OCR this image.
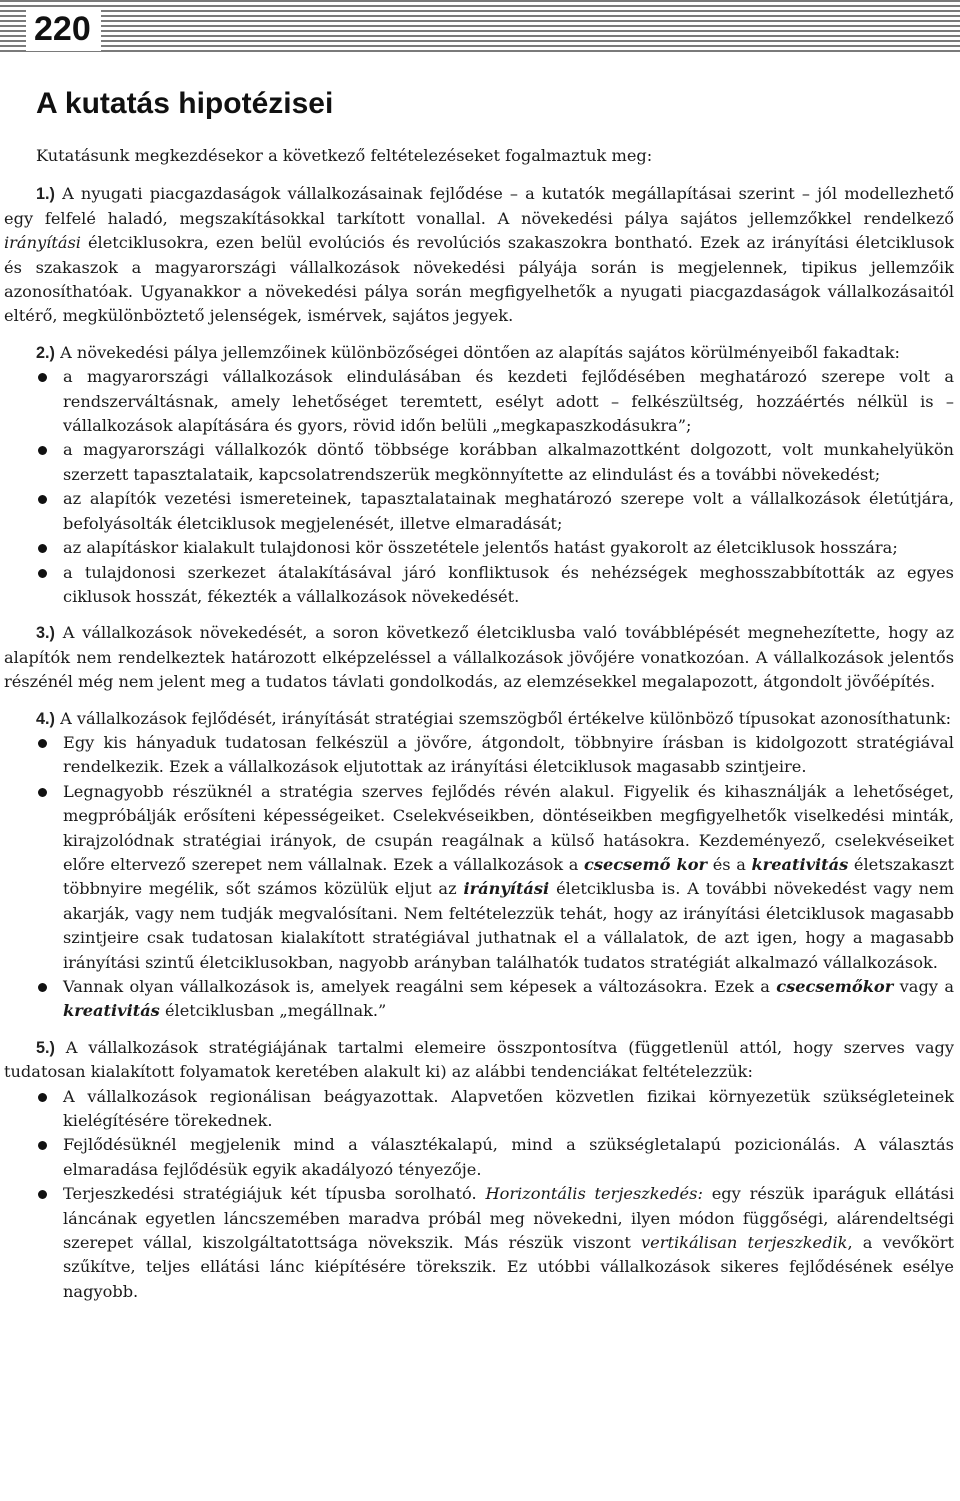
220
A kutatás hipotézisei

Kutatásunk megkezdésekor a következő feltételezéseket fogalmaztuk meg:

1.) A nyugati piacgazdaságok vállalkozásainak fejlődése – a kutatók megállapításai szerint – jól modellezhető egy felfelé haladó, megszakításokkal tarkított vonallal. A növekedési pálya sajátos jellemzőkkel rendelkező irányítási életciklusokra, ezen belül evolúciós és revolúciós szakaszokra bontható. Ezek az irányítási életciklusok és szakaszok a magyarországi vállalkozások növekedési pályája során is megjelennek, tipikus jellemzőik azonosíthatóak. Ugyanakkor a növekedési pálya során megfigyelhetők a nyugati piacgazdaságok vállalkozásaitól eltérő, megkülönböztető jelenségek, ismérvek, sajátos jegyek.

2.) A növekedési pálya jellemzőinek különbözőségei döntően az alapítás sajátos körülményeiből fakadtak:

a magyarországi vállalkozások elindulásában és kezdeti fejlődésében meghatározó szerepe volt a rendszerváltásnak, amely lehetőséget teremtett, esélyt adott – felkészültség, hozzáértés nélkül is – vállalkozások alapítására és gyors, rövid időn belüli „megkapaszkodásukra”;
a magyarországi vállalkozók döntő többsége korábban alkalmazottként dolgozott, volt munkahelyükön szerzett tapasztalataik, kapcsolatrendszerük megkönnyítette az elindulást és a további növekedést;
az alapítók vezetési ismereteinek, tapasztalatainak meghatározó szerepe volt a vállalkozások életútjára, befolyásolták életciklusok megjelenését, illetve elmaradását;
az alapításkor kialakult tulajdonosi kör összetétele jelentős hatást gyakorolt az életciklusok hosszára;
a tulajdonosi szerkezet átalakításával járó konfliktusok és nehézségek meghosszabbították az egyes ciklusok hosszát, fékezték a vállalkozások növekedését.

3.) A vállalkozások növekedését, a soron következő életciklusba való továbblépését megnehezítette, hogy az alapítók nem rendelkeztek határozott elképzeléssel a vállalkozások jövőjére vonatkozóan. A vállalkozások jelentős részénél még nem jelent meg a tudatos távlati gondolkodás, az elemzésekkel megalapozott, átgondolt jövőépítés.

4.) A vállalkozások fejlődését, irányítását stratégiai szemszögből értékelve különböző típusokat azonosíthatunk:

Egy kis hányaduk tudatosan felkészül a jövőre, átgondolt, többnyire írásban is kidolgozott stratégiával rendelkezik. Ezek a vállalkozások eljutottak az irányítási életciklusok magasabb szintjeire.
Legnagyobb részüknél a stratégia szerves fejlődés révén alakul. Figyelik és kihasználják a lehetőséget, megpróbálják erősíteni képességeiket. Cselekvéseikben, döntéseikben megfigyelhetők viselkedési minták, kirajzolódnak stratégiai irányok, de csupán reagálnak a külső hatásokra. Kezdeményező, cselekvéseiket előre eltervező szerepet nem vállalnak. Ezek a vállalkozások a csecsemő kor és a kreativitás életszakaszt többnyire megélik, sőt számos közülük eljut az irányítási életciklusba is. A további növekedést vagy nem akarják, vagy nem tudják megvalósítani. Nem feltételezzük tehát, hogy az irányítási életciklusok magasabb szintjeire csak tudatosan kialakított stratégiával juthatnak el a vállalatok, de azt igen, hogy a magasabb irányítási szintű életciklusokban, nagyobb arányban találhatók tudatos stratégiát alkalmazó vállalkozások.
Vannak olyan vállalkozások is, amelyek reagálni sem képesek a változásokra. Ezek a csecsemőkor vagy a kreativitás életciklusban „megállnak.”

5.) A vállalkozások stratégiájának tartalmi elemeire összpontosítva (függetlenül attól, hogy szerves vagy tudatosan kialakított folyamatok keretében alakult ki) az alábbi tendenciákat feltételezzük:

A vállalkozások regionálisan beágyazottak. Alapvetően közvetlen fizikai környezetük szükségleteinek kielégítésére törekednek.
Fejlődésüknél megjelenik mind a választékalapú, mind a szükségletalapú pozicionálás. A választás elmaradása fejlődésük egyik akadályozó tényezője.
Terjeszkedési stratégiájuk két típusba sorolható. Horizontális terjeszkedés: egy részük iparáguk ellátási láncának egyetlen láncszemében maradva próbál meg növekedni, ilyen módon függőségi, alárendeltségi szerepet vállal, kiszolgáltatottsága növekszik. Más részük viszont vertikálisan terjeszkedik, a vevőkört szűkítve, teljes ellátási lánc kiépítésére törekszik. Ez utóbbi vállalkozások sikeres fejlődésének esélye nagyobb.
